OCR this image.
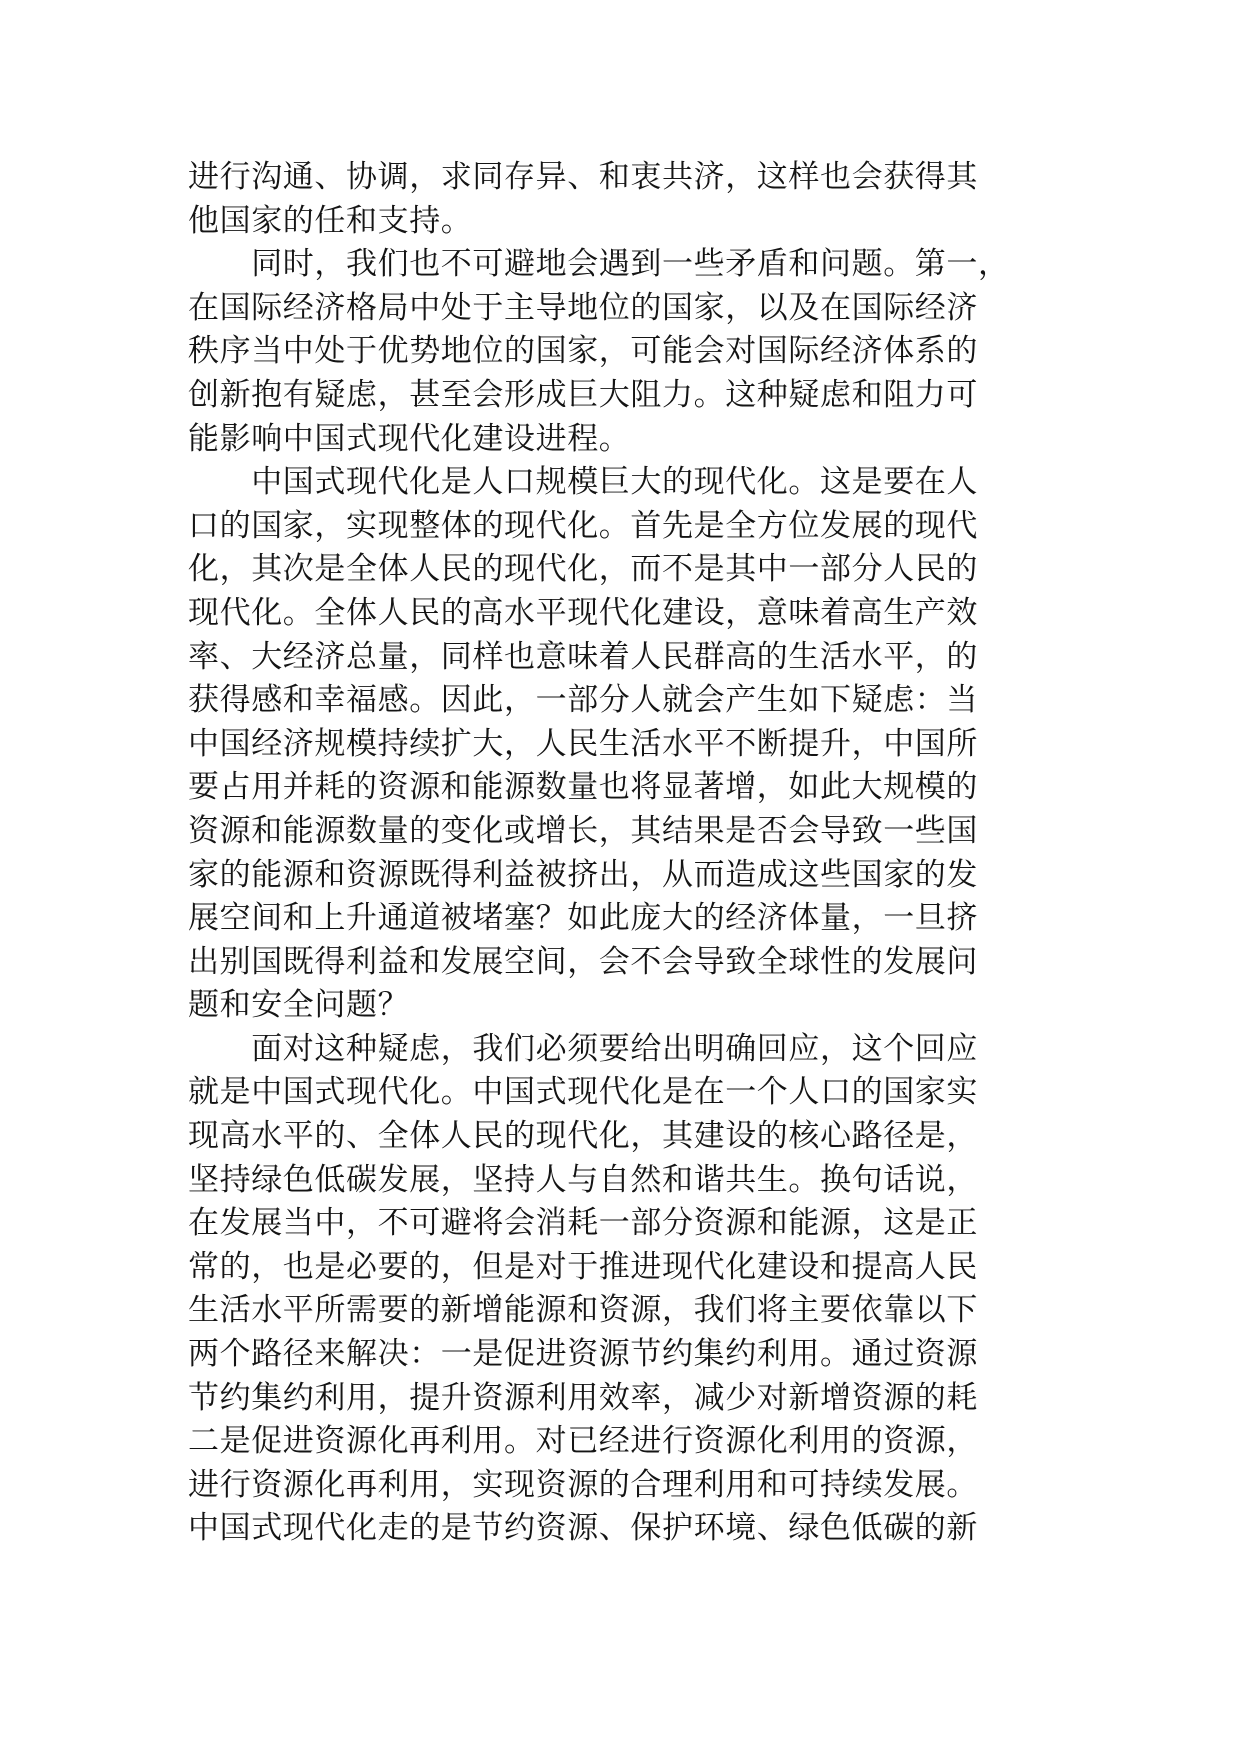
进行沟通、协调，求同存异、和衷共济，这样也会获得其
他国家的任和支持。

　　同时，我们也不可避地会遇到一些矛盾和问题。第一，
在国际经济格局中处于主导地位的国家，以及在国际经济
秩序当中处于优势地位的国家，可能会对国际经济体系的
创新抱有疑虑，甚至会形成巨大阻力。这种疑虑和阻力可
能影响中国式现代化建设进程。

　　中国式现代化是人口规模巨大的现代化。这是要在人
口的国家，实现整体的现代化。首先是全方位发展的现代
化，其次是全体人民的现代化，而不是其中一部分人民的
现代化。全体人民的高水平现代化建设，意味着高生产效
率、大经济总量，同样也意味着人民群高的生活水平，的
获得感和幸福感。因此，一部分人就会产生如下疑虑：当
中国经济规模持续扩大，人民生活水平不断提升，中国所
要占用并耗的资源和能源数量也将显著增，如此大规模的
资源和能源数量的变化或增长，其结果是否会导致一些国
家的能源和资源既得利益被挤出，从而造成这些国家的发
展空间和上升通道被堵塞？如此庞大的经济体量，一旦挤
出别国既得利益和发展空间，会不会导致全球性的发展问
题和安全问题？

　　面对这种疑虑，我们必须要给出明确回应，这个回应
就是中国式现代化。中国式现代化是在一个人口的国家实
现高水平的、全体人民的现代化，其建设的核心路径是，
坚持绿色低碳发展，坚持人与自然和谐共生。换句话说，
在发展当中，不可避将会消耗一部分资源和能源，这是正
常的，也是必要的，但是对于推进现代化建设和提高人民
生活水平所需要的新增能源和资源，我们将主要依靠以下
两个路径来解决：一是促进资源节约集约利用。通过资源
节约集约利用，提升资源利用效率，减少对新增资源的耗
二是促进资源化再利用。对已经进行资源化利用的资源，
进行资源化再利用，实现资源的合理利用和可持续发展。
中国式现代化走的是节约资源、保护环境、绿色低碳的新
